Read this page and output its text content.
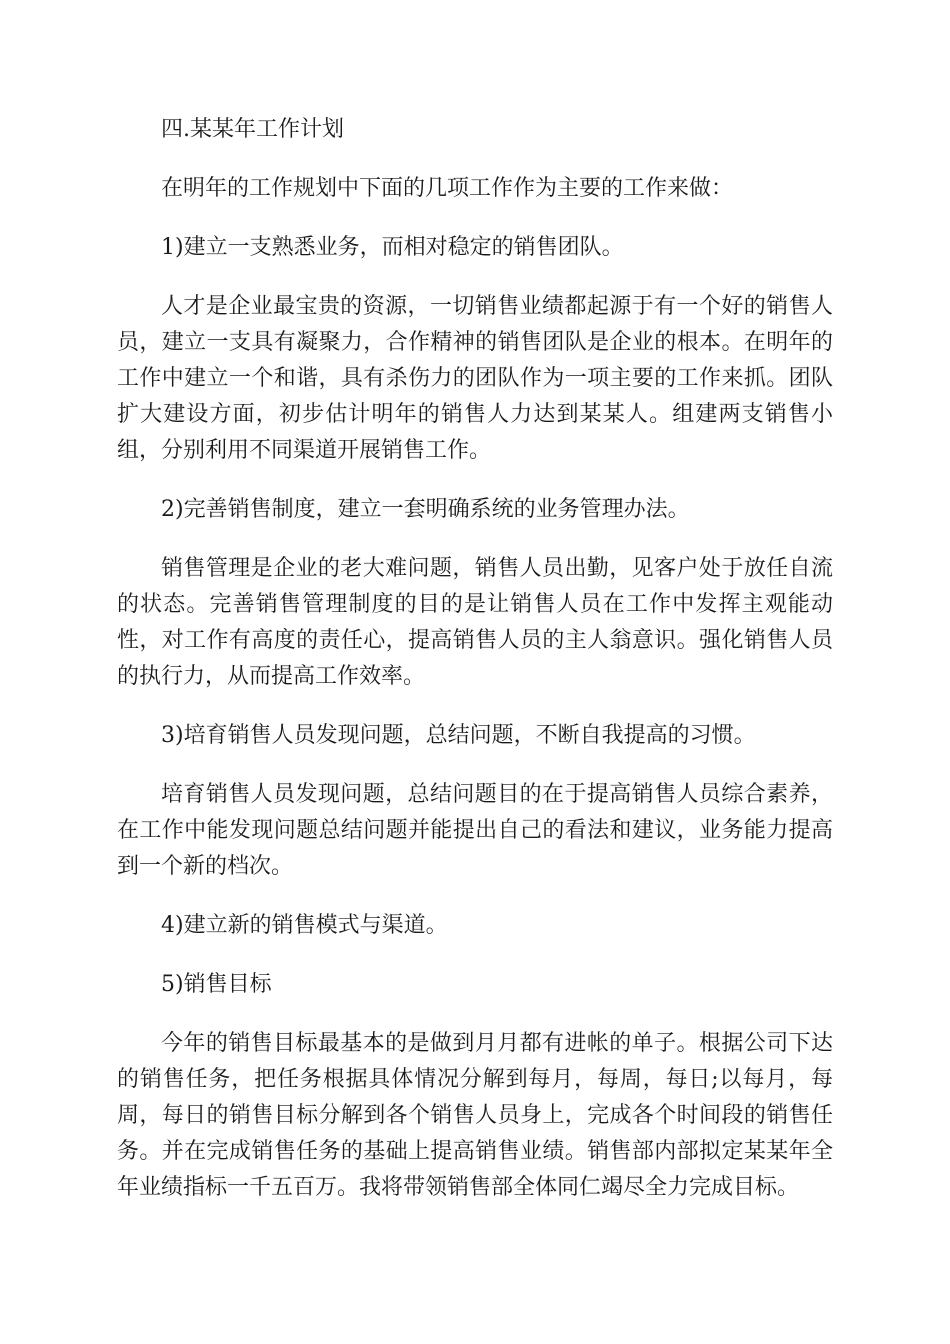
四.某某年工作计划

在明年的工作规划中下面的几项工作作为主要的工作来做：

1)建立一支熟悉业务，而相对稳定的销售团队。

人才是企业最宝贵的资源，一切销售业绩都起源于有一个好的销售人员，建立一支具有凝聚力，合作精神的销售团队是企业的根本。在明年的工作中建立一个和谐，具有杀伤力的团队作为一项主要的工作来抓。团队扩大建设方面，初步估计明年的销售人力达到某某人。组建两支销售小组，分别利用不同渠道开展销售工作。

2)完善销售制度，建立一套明确系统的业务管理办法。

销售管理是企业的老大难问题，销售人员出勤，见客户处于放任自流的状态。完善销售管理制度的目的是让销售人员在工作中发挥主观能动性，对工作有高度的责任心，提高销售人员的主人翁意识。强化销售人员的执行力，从而提高工作效率。

3)培育销售人员发现问题，总结问题，不断自我提高的习惯。

培育销售人员发现问题，总结问题目的在于提高销售人员综合素养，在工作中能发现问题总结问题并能提出自己的看法和建议，业务能力提高到一个新的档次。

4)建立新的销售模式与渠道。

5)销售目标

今年的销售目标最基本的是做到月月都有进帐的单子。根据公司下达的销售任务，把任务根据具体情况分解到每月，每周，每日;以每月，每周，每日的销售目标分解到各个销售人员身上，完成各个时间段的销售任务。并在完成销售任务的基础上提高销售业绩。销售部内部拟定某某年全年业绩指标一千五百万。我将带领销售部全体同仁竭尽全力完成目标。
